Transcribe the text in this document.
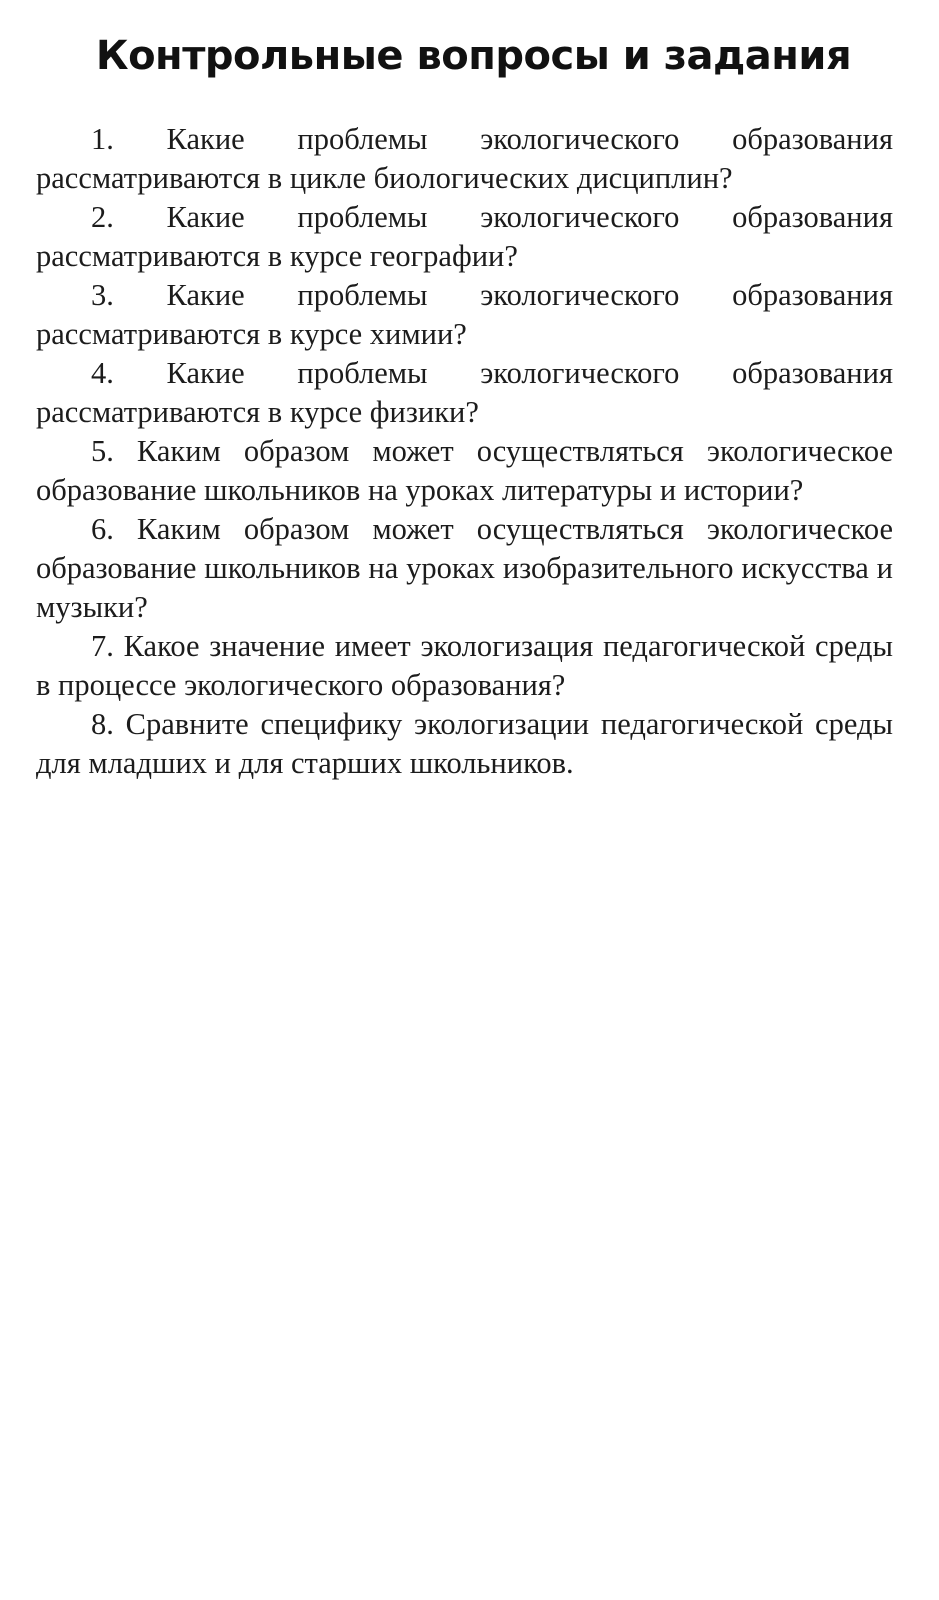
Контрольные вопросы и задания

1. Какие проблемы экологического образования рассматриваются в цикле биологических дисциплин?

2. Какие проблемы экологического образования рассматриваются в курсе географии?

3. Какие проблемы экологического образования рассматриваются в курсе химии?

4. Какие проблемы экологического образования рассматриваются в курсе физики?

5. Каким образом может осуществляться экологическое образование школьников на уроках литературы и истории?

6. Каким образом может осуществляться экологическое образование школьников на уроках изобразительного искусства и музыки?

7. Какое значение имеет экологизация педагогической среды в процессе экологического образования?

8. Сравните специфику экологизации педагогической среды для младших и для старших школьников.
